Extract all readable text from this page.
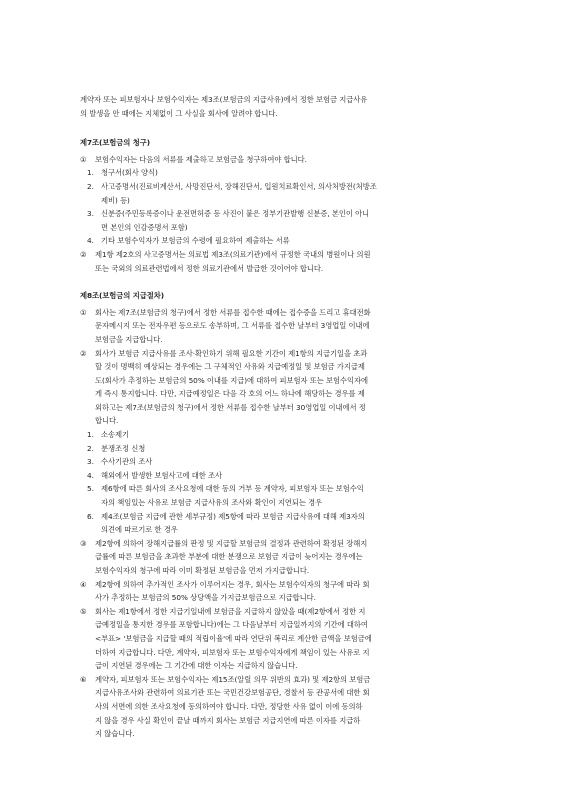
계약자 또는 피보험자나 보험수익자는 제3조(보험금의 지급사유)에서 정한 보험금 지급사유
의 발생을 안 때에는 지체없이 그 사실을 회사에 알려야 합니다.
제7조(보험금의 청구)
① 보험수익자는 다음의 서류를 제출하고 보험금을 청구하여야 합니다.
1. 청구서(회사 양식)
2. 사고증명서(진료비계산서, 사망진단서, 장해진단서, 입원치료확인서, 의사처방전(처방조
제비) 등)
3. 신분증(주민등록증이나 운전면허증 등 사진이 붙은 정부기관발행 신분증, 본인이 아니
면 본인의 인감증명서 포함)
4. 기타 보험수익자가 보험금의 수령에 필요하여 제출하는 서류
② 제1항 제2호의 사고증명서는 의료법 제3조(의료기관)에서 규정한 국내의 병원이나 의원
또는 국외의 의료관련법에서 정한 의료기관에서 발급한 것이어야 합니다.
제8조(보험금의 지급절차)
① 회사는 제7조(보험금의 청구)에서 정한 서류를 접수한 때에는 접수증을 드리고 휴대전화
문자메시지 또는 전자우편 등으로도 송부하며, 그 서류를 접수한 날부터 3영업일 이내에
보험금을 지급합니다.
② 회사가 보험금 지급사유를 조사·확인하기 위해 필요한 기간이 제1항의 지급기일을 초과
할 것이 명백히 예상되는 경우에는 그 구체적인 사유와 지급예정일 및 보험금 가지급제
도(회사가 추정하는 보험금의 50% 이내를 지급)에 대하여 피보험자 또는 보험수익자에
게 즉시 통지합니다. 다만, 지급예정일은 다음 각 호의 어느 하나에 해당하는 경우를 제
외하고는 제7조(보험금의 청구)에서 정한 서류를 접수한 날부터 30영업일 이내에서 정
합니다.
1. 소송제기
2. 분쟁조정 신청
3. 수사기관의 조사
4. 해외에서 발생한 보험사고에 대한 조사
5. 제6항에 따른 회사의 조사요청에 대한 동의 거부 등 계약자, 피보험자 또는 보험수익
자의 책임있는 사유로 보험금 지급사유의 조사와 확인이 지연되는 경우
6. 제4조(보험금 지급에 관한 세부규정) 제5항에 따라 보험금 지급사유에 대해 제3자의
의견에 따르기로 한 경우
③ 제2항에 의하여 장해지급률의 판정 및 지급할 보험금의 결정과 관련하여 확정된 장해지
급률에 따른 보험금을 초과한 부분에 대한 분쟁으로 보험금 지급이 늦어지는 경우에는
보험수익자의 청구에 따라 이미 확정된 보험금을 먼저 가지급합니다.
④ 제2항에 의하여 추가적인 조사가 이루어지는 경우, 회사는 보험수익자의 청구에 따라 회
사가 추정하는 보험금의 50% 상당액을 가지급보험금으로 지급합니다.
⑤ 회사는 제1항에서 정한 지급기일내에 보험금을 지급하지 않았을 때(제2항에서 정한 지
급예정일을 통지한 경우를 포함합니다)에는 그 다음날부터 지급일까지의 기간에 대하여
<부표> '보험금을 지급할 때의 적립이율'에 따라 연단위 복리로 계산한 금액을 보험금에
더하여 지급합니다. 다만, 계약자, 피보험자 또는 보험수익자에게 책임이 있는 사유로 지
급이 지연된 경우에는 그 기간에 대한 이자는 지급하지 않습니다.
⑥ 계약자, 피보험자 또는 보험수익자는 제15조(알릴 의무 위반의 효과) 및 제2항의 보험금
지급사유조사와 관련하여 의료기관 또는 국민건강보험공단, 경찰서 등 관공서에 대한 회
사의 서면에 의한 조사요청에 동의하여야 합니다. 다만, 정당한 사유 없이 이에 동의하
지 않을 경우 사실 확인이 끝날 때까지 회사는 보험금 지급지연에 따른 이자를 지급하
지 않습니다.
